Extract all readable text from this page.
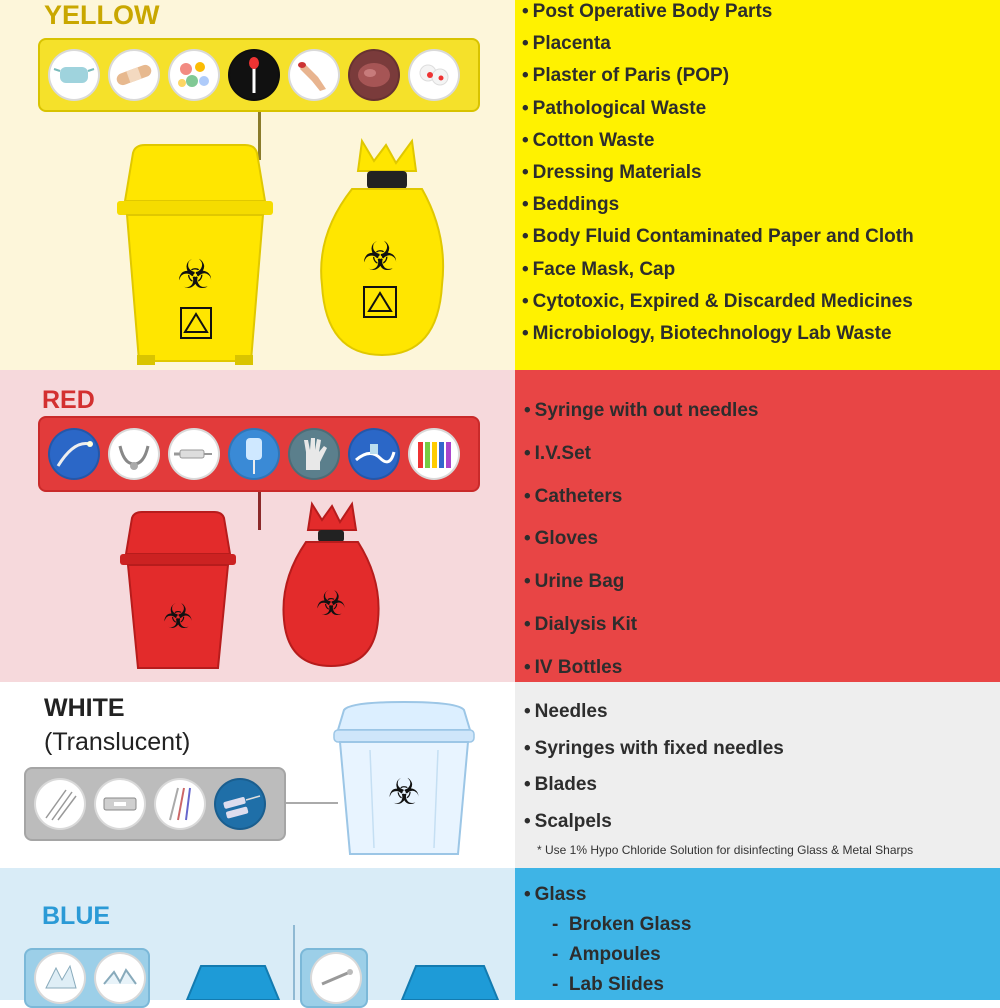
YELLOW
☣	☣
• Post Operative Body Parts
• Placenta
• Plaster of Paris (POP)
• Pathological Waste
• Cotton Waste
• Dressing Materials
• Beddings
• Body Fluid Contaminated Paper and Cloth
• Face Mask, Cap
• Cytotoxic, Expired & Discarded Medicines
• Microbiology, Biotechnology Lab Waste
RED
☣	☣
• Syringe with out needles
• I.V.Set
• Catheters
• Gloves
• Urine Bag
• Dialysis Kit
• IV Bottles
WHITE
(Translucent)
☣
• Needles
• Syringes with fixed needles
• Blades
• Scalpels
* Use 1% Hypo Chloride Solution for disinfecting Glass & Metal Sharps
BLUE
• Glass
-  Broken Glass
-  Ampoules
-  Lab Slides
